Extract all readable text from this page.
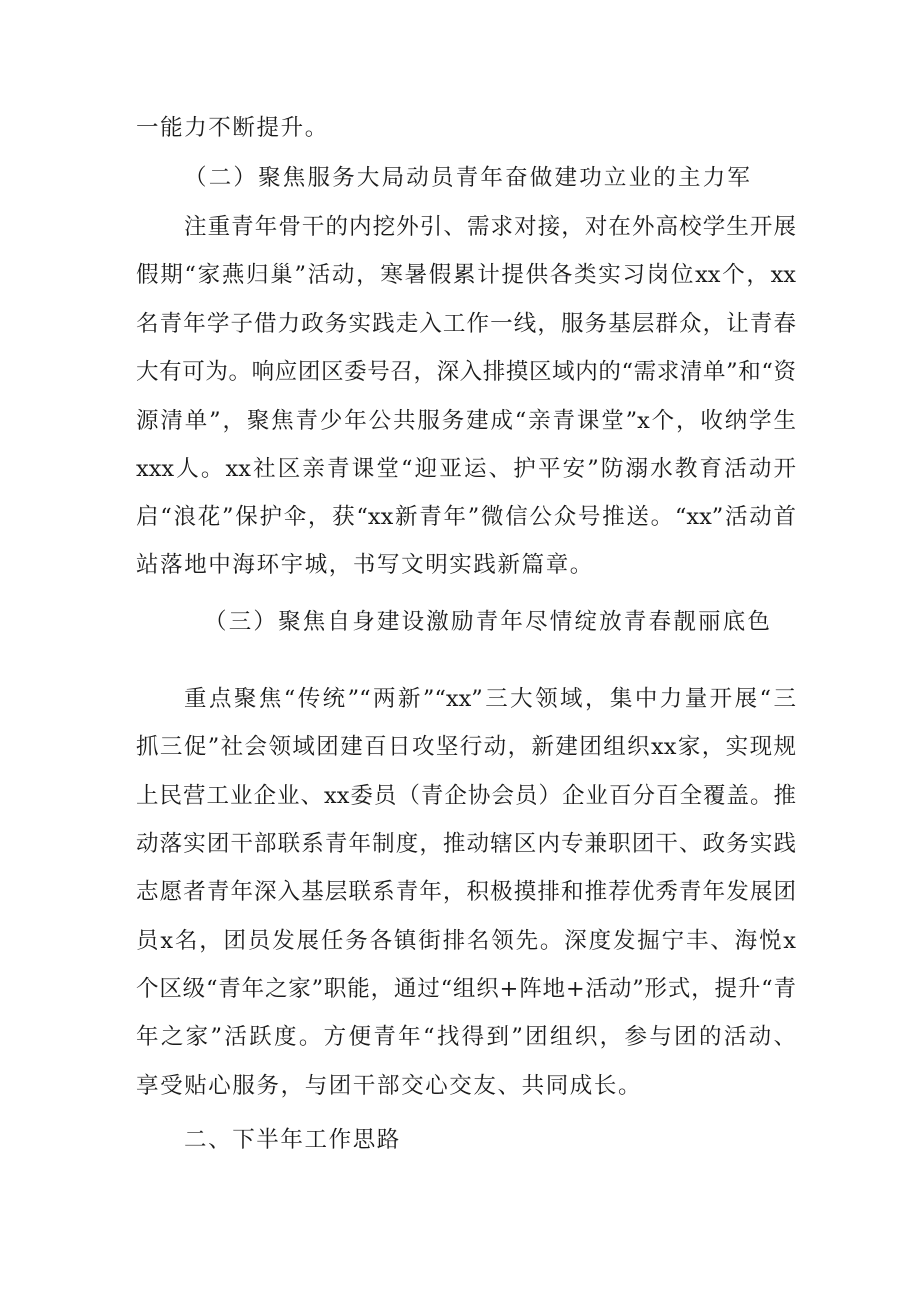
一能力不断提升。
（二）聚焦服务大局动员青年奋做建功立业的主力军
注重青年骨干的内挖外引、需求对接，对在外高校学生开展
假期“家燕归巢”活动，寒暑假累计提供各类实习岗位xx个，xx
名青年学子借力政务实践走入工作一线，服务基层群众，让青春
大有可为。响应团区委号召，深入排摸区域内的“需求清单”和“资
源清单”，聚焦青少年公共服务建成“亲青课堂”x个，收纳学生
xxx人。xx社区亲青课堂“迎亚运、护平安”防溺水教育活动开
启“浪花”保护伞，获“xx新青年”微信公众号推送。“xx”活动首
站落地中海环宇城，书写文明实践新篇章。
（三）聚焦自身建设激励青年尽情绽放青春靓丽底色
重点聚焦“传统”“两新”“xx”三大领域，集中力量开展“三
抓三促”社会领域团建百日攻坚行动，新建团组织xx家，实现规
上民营工业企业、xx委员（青企协会员）企业百分百全覆盖。推
动落实团干部联系青年制度，推动辖区内专兼职团干、政务实践
志愿者青年深入基层联系青年，积极摸排和推荐优秀青年发展团
员x名，团员发展任务各镇街排名领先。深度发掘宁丰、海悦x
个区级“青年之家”职能，通过“组织+阵地+活动”形式，提升“青
年之家”活跃度。方便青年“找得到”团组织，参与团的活动、
享受贴心服务，与团干部交心交友、共同成长。
二、下半年工作思路
